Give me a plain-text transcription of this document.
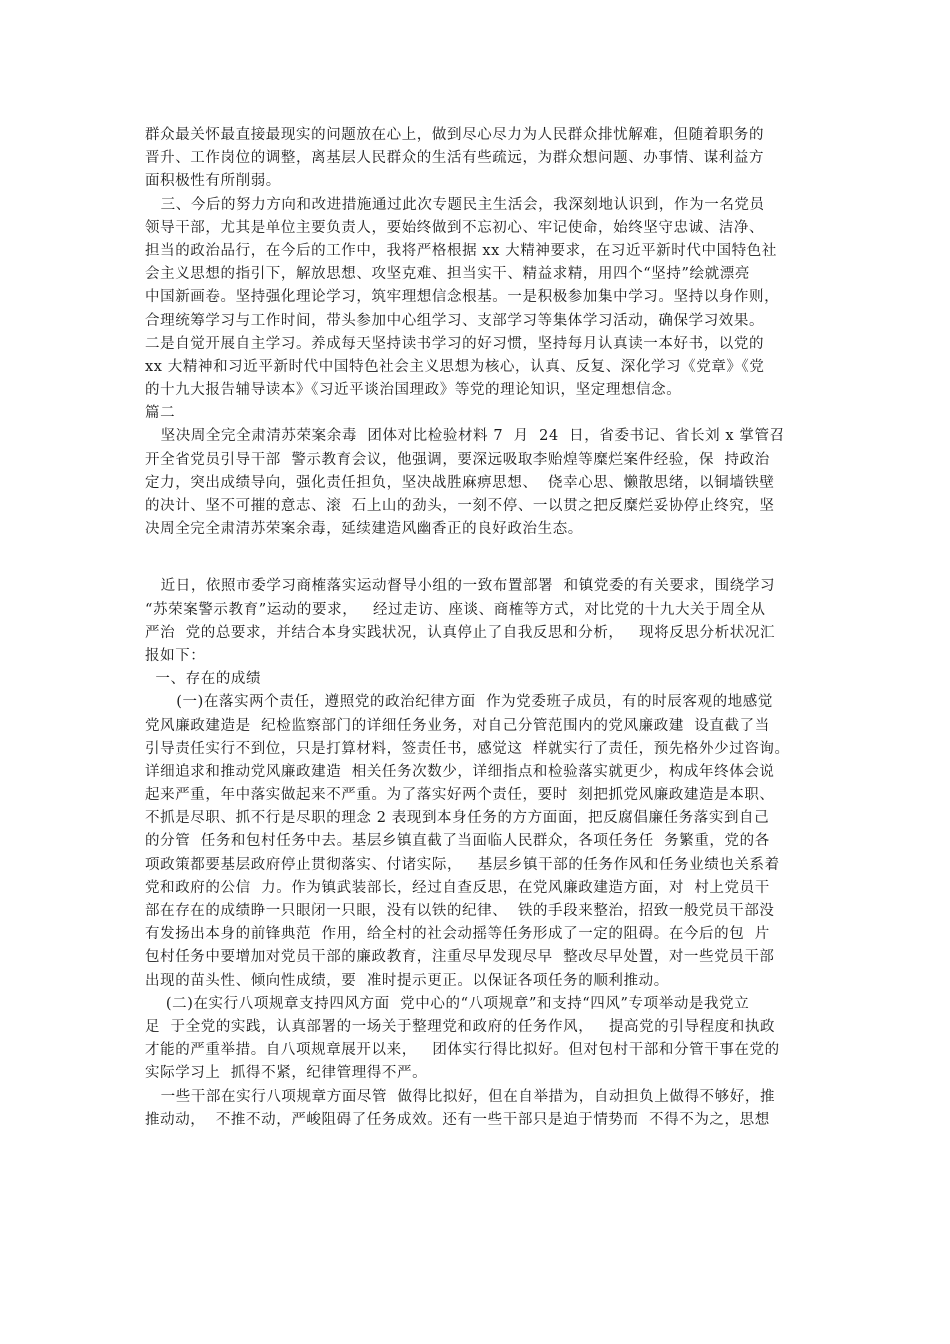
群众最关怀最直接最现实的问题放在心上，做到尽心尽力为人民群众排忧解难，但随着职务的
晋升、工作岗位的调整，离基层人民群众的生活有些疏远，为群众想问题、办事情、谋利益方
面积极性有所削弱。
三、今后的努力方向和改进措施通过此次专题民主生活会，我深刻地认识到，作为一名党员
领导干部，尤其是单位主要负责人，要始终做到不忘初心、牢记使命，始终坚守忠诚、洁净、
担当的政治品行，在今后的工作中，我将严格根据 xx 大精神要求，在习近平新时代中国特色社
会主义思想的指引下，解放思想、攻坚克难、担当实干、精益求精，用四个“坚持”绘就漂亮
中国新画卷。坚持强化理论学习，筑牢理想信念根基。一是积极参加集中学习。坚持以身作则，
合理统筹学习与工作时间，带头参加中心组学习、支部学习等集体学习活动，确保学习效果。
二是自觉开展自主学习。养成每天坚持读书学习的好习惯，坚持每月认真读一本好书，以党的
xx 大精神和习近平新时代中国特色社会主义思想为核心，认真、反复、深化学习《党章》《党
的十九大报告辅导读本》《习近平谈治国理政》等党的理论知识，坚定理想信念。
篇二
坚决周全完全肃清苏荣案余毒  团体对比检验材料 7  月  24  日，省委书记、省长刘 x 掌管召
开全省党员引导干部  警示教育会议，他强调，要深远吸取李贻煌等糜烂案件经验，保  持政治
定力，突出成绩导向，强化责任担负，坚决战胜麻痹思想、  侥幸心思、懒散思绪，以铜墙铁壁
的决计、坚不可摧的意志、滚  石上山的劲头，一刻不停、一以贯之把反糜烂妥协停止终究，坚
决周全完全肃清苏荣案余毒，延续建造风幽香正的良好政治生态。
近日，依照市委学习商榷落实运动督导小组的一致布置部署  和镇党委的有关要求，围绕学习
“苏荣案警示教育”运动的要求，   经过走访、座谈、商榷等方式，对比党的十九大关于周全从
严治  党的总要求，并结合本身实践状况，认真停止了自我反思和分析，   现将反思分析状况汇
报如下：
一、存在的成绩
(一)在落实两个责任，遵照党的政治纪律方面  作为党委班子成员，有的时辰客观的地感觉
党风廉政建造是  纪检监察部门的详细任务业务，对自己分管范围内的党风廉政建  设直截了当
引导责任实行不到位，只是打算材料，签责任书，感觉这  样就实行了责任，预先格外少过咨询。
详细追求和推动党风廉政建造  相关任务次数少，详细指点和检验落实就更少，构成年终体会说
起来严重，年中落实做起来不严重。为了落实好两个责任，要时  刻把抓党风廉政建造是本职、
不抓是尽职、抓不行是尽职的理念 2 表现到本身任务的方方面面，把反腐倡廉任务落实到自己
的分管  任务和包村任务中去。基层乡镇直截了当面临人民群众，各项任务任  务繁重，党的各
项政策都要基层政府停止贯彻落实、付诸实际，   基层乡镇干部的任务作风和任务业绩也关系着
党和政府的公信  力。作为镇武装部长，经过自查反思，在党风廉政建造方面，对  村上党员干
部在存在的成绩睁一只眼闭一只眼，没有以铁的纪律、  铁的手段来整治，招致一般党员干部没
有发扬出本身的前锋典范  作用，给全村的社会动摇等任务形成了一定的阻碍。在今后的包  片
包村任务中要增加对党员干部的廉政教育，注重尽早发现尽早  整改尽早处置，对一些党员干部
出现的苗头性、倾向性成绩，要  准时提示更正。以保证各项任务的顺利推动。
(二)在实行八项规章支持四风方面  党中心的“八项规章”和支持“四风”专项举动是我党立
足  于全党的实践，认真部署的一场关于整理党和政府的任务作风，   提高党的引导程度和执政
才能的严重举措。自八项规章展开以来，   团体实行得比拟好。但对包村干部和分管干事在党的
实际学习上  抓得不紧，纪律管理得不严。
一些干部在实行八项规章方面尽管  做得比拟好，但在自举措为，自动担负上做得不够好，推
推动动，  不推不动，严峻阻碍了任务成效。还有一些干部只是迫于情势而  不得不为之，思想
